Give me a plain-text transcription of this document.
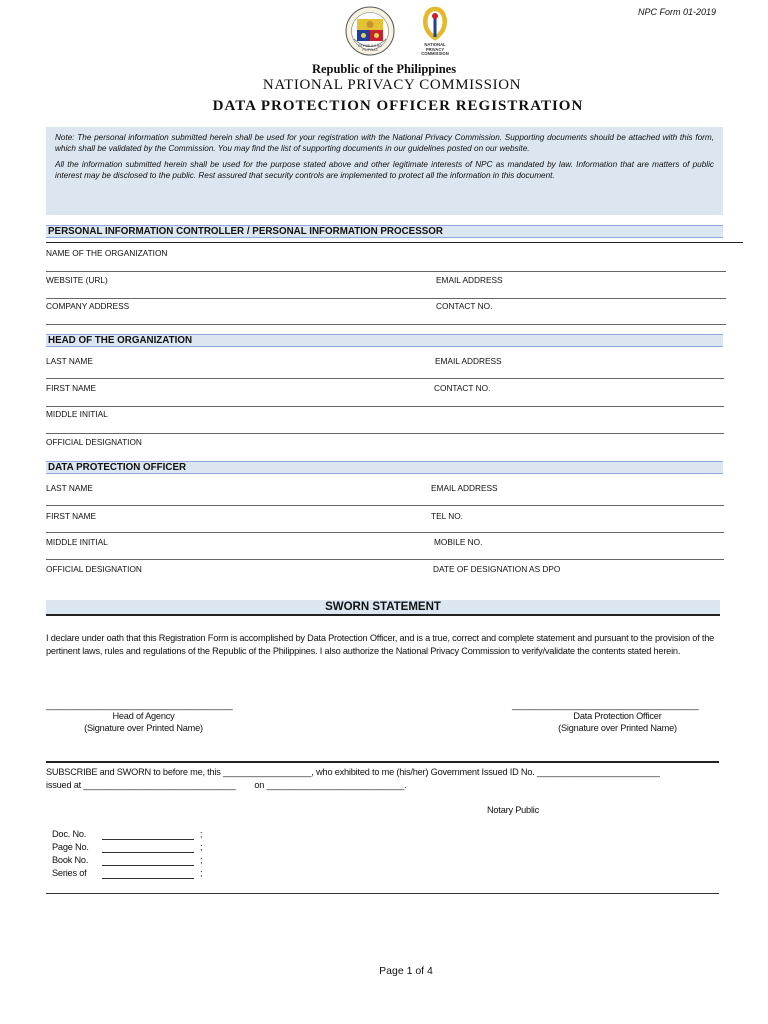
NPC Form 01-2019
REPUBLIKA NG PILIPINAS
NATIONAL
PRIVACY
COMMISSION
Republic of the Philippines
NATIONAL PRIVACY COMMISSION
DATA PROTECTION OFFICER REGISTRATION

Note: The personal information submitted herein shall be used for your registration with the National Privacy Commission. Supporting documents should be attached with this form, which shall be validated by the Commission. You may find the list of supporting documents in our guidelines posted on our website.

All the information submitted herein shall be used for the purpose stated above and other legitimate interests of NPC as mandated by law. Information that are matters of public interest may be disclosed to the public. Rest assured that security controls are implemented to protect all the information in this document.

PERSONAL INFORMATION CONTROLLER / PERSONAL INFORMATION PROCESSOR
NAME OF THE ORGANIZATION
WEBSITE (URL)	EMAIL ADDRESS
COMPANY ADDRESS	CONTACT NO.
HEAD OF THE ORGANIZATION
LAST NAME	EMAIL ADDRESS
FIRST NAME	CONTACT NO.
MIDDLE INITIAL
OFFICIAL DESIGNATION
DATA PROTECTION OFFICER
LAST NAME	EMAIL ADDRESS
FIRST NAME	TEL NO.
MIDDLE INITIAL	MOBILE NO.
OFFICIAL DESIGNATION	DATE OF DESIGNATION AS DPO
SWORN STATEMENT
I declare under oath that this Registration Form is accomplished by Data Protection Officer, and is a true, correct and complete statement and pursuant to the provision of the pertinent laws, rules and regulations of the Republic of the Philippines. I also authorize the National Privacy Commission to verify/validate the contents stated herein.
______________________________________
Head of Agency
(Signature over Printed Name)
______________________________________
Data Protection Officer
(Signature over Printed Name)
SUBSCRIBE and SWORN to before me, this __________________, who exhibited to me (his/her) Government Issued ID No. _________________________
issued at _______________________________        on ____________________________.
Notary Public
Doc. No.	;
Page No.	;
Book No.	;
Series of	;
Page 1 of 4
